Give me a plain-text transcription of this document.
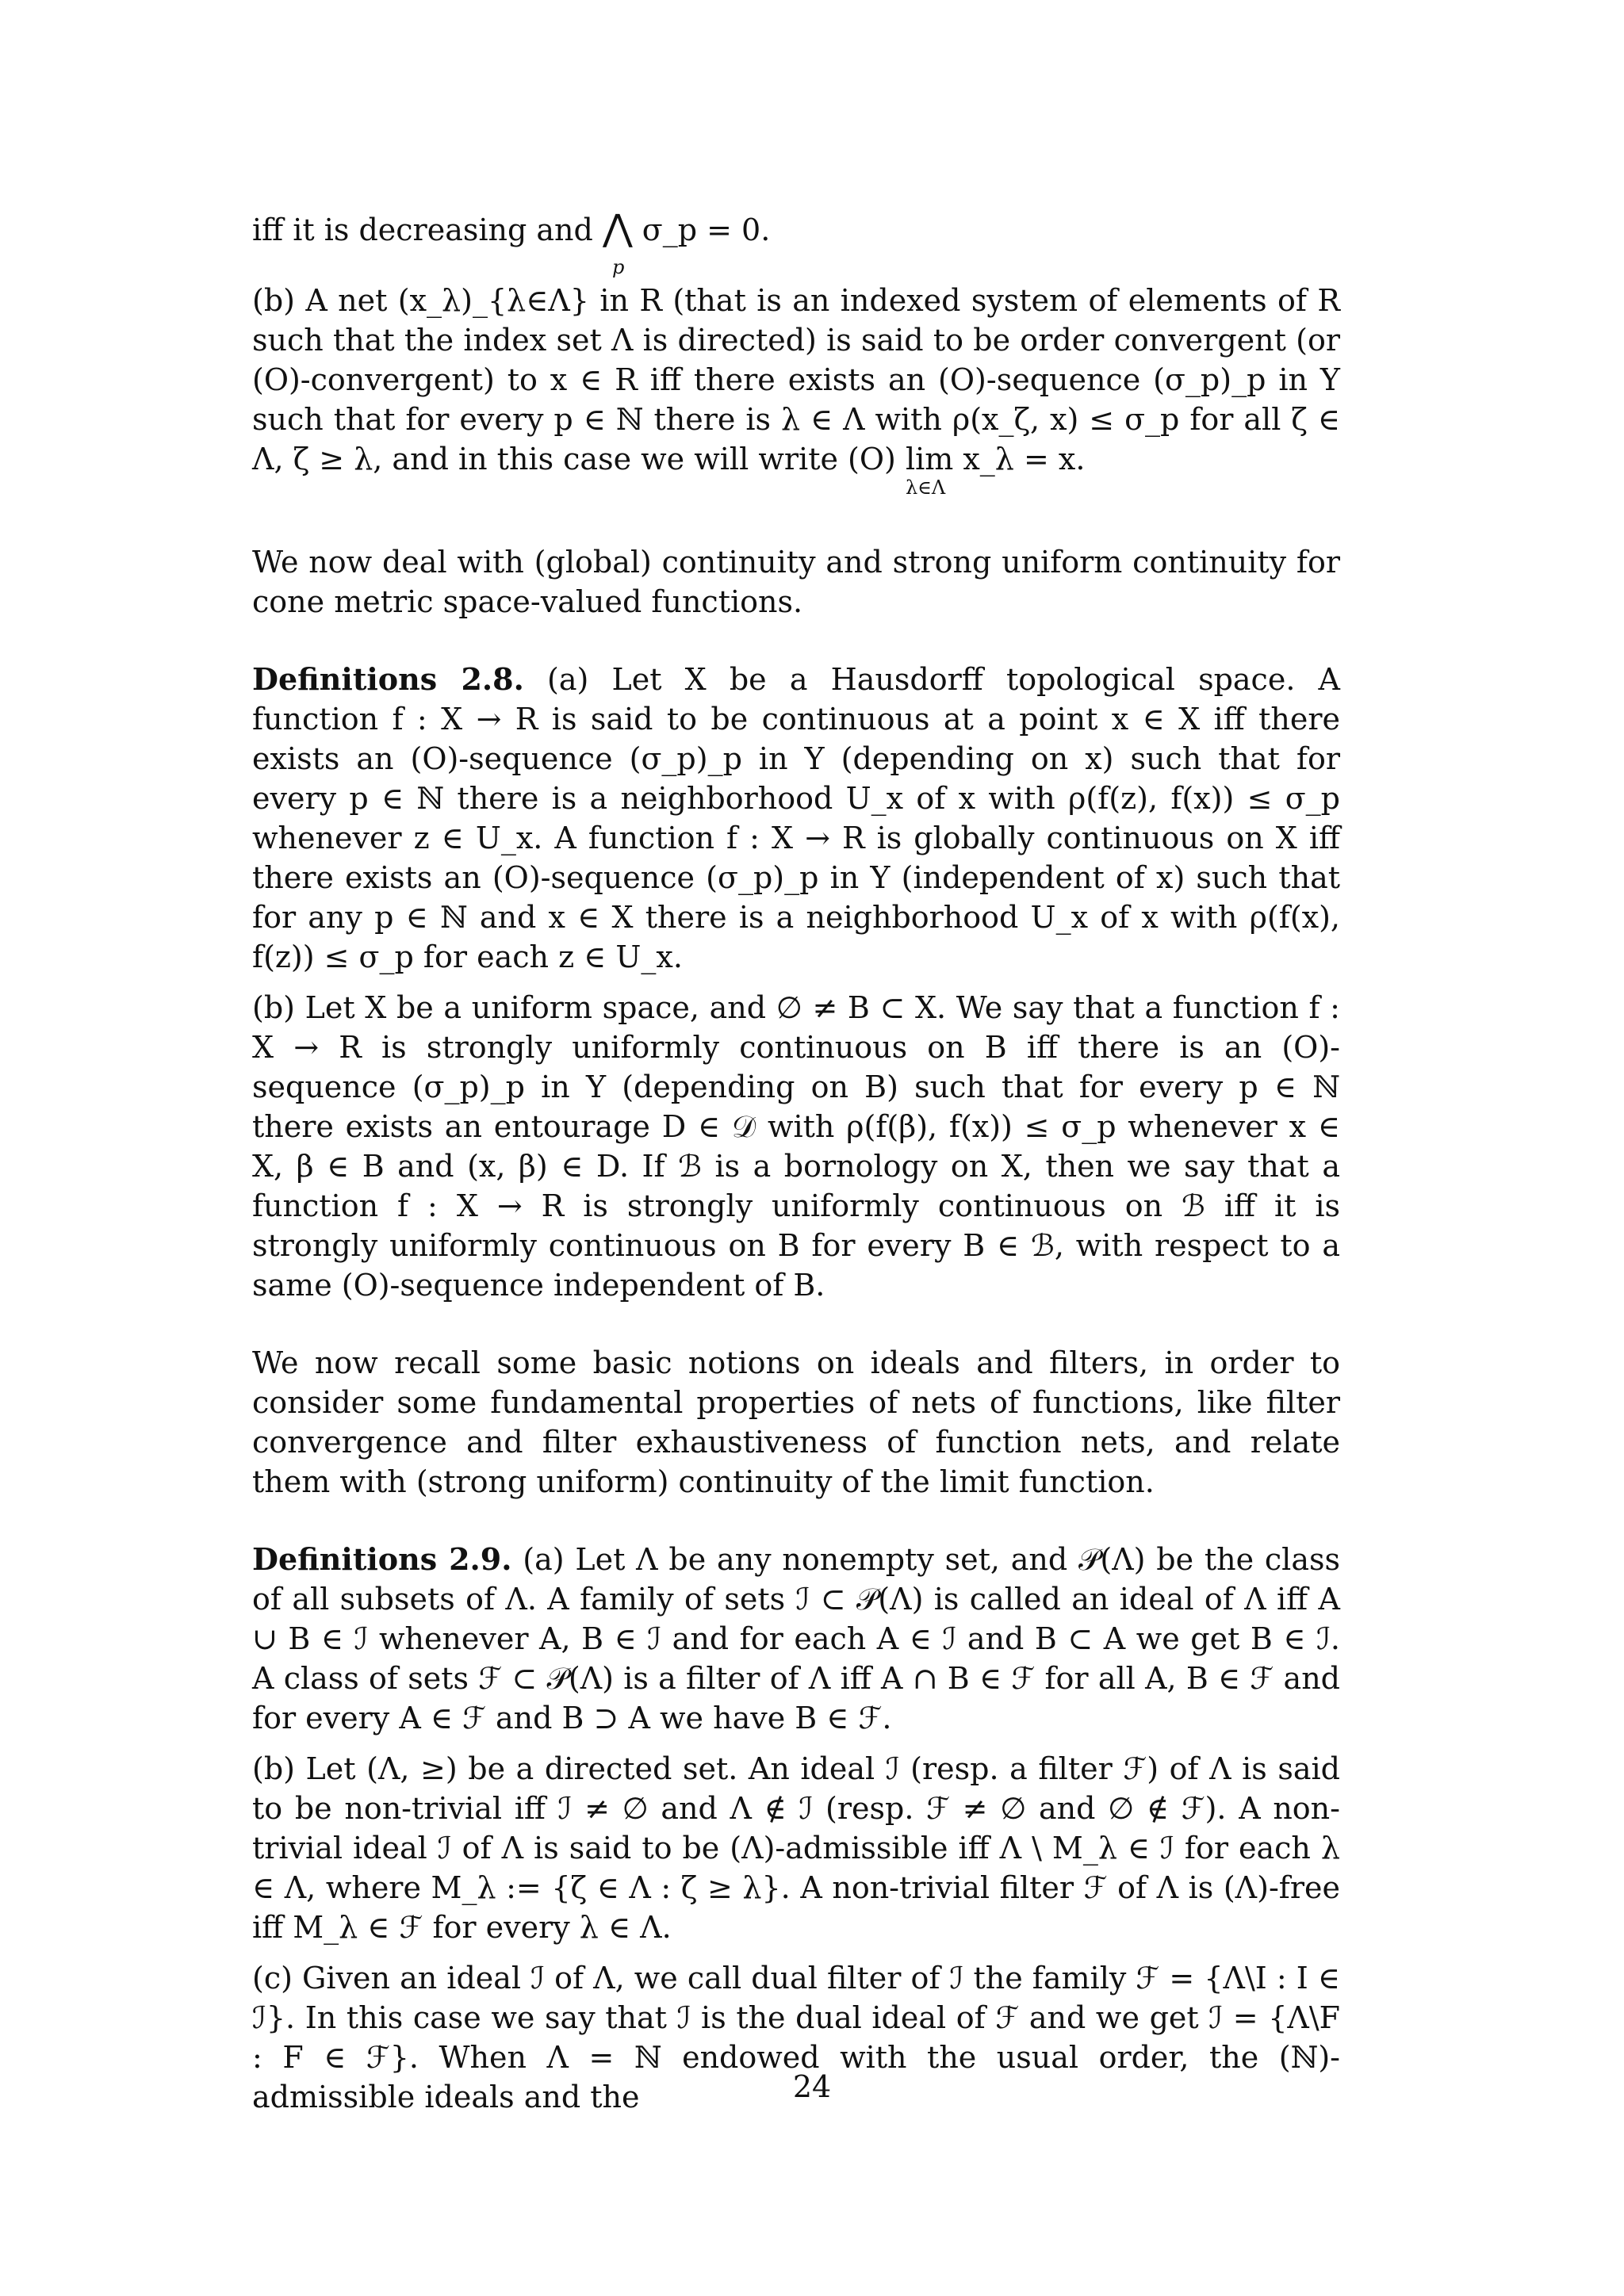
iff it is decreasing and ⋀
p
σ_p = 0.

(b) A net (x_λ)_{λ∈Λ} in R (that is an indexed system of elements of R such that the index set Λ is directed) is said to be order convergent (or (O)-convergent) to x ∈ R iff there exists an (O)-sequence (σ_p)_p in Y such that for every p ∈ ℕ there is λ ∈ Λ with ρ(x_ζ, x) ≤ σ_p for all ζ ∈ Λ, ζ ≥ λ, and in this case we will write (O) lim
λ∈Λ
x_λ = x.

We now deal with (global) continuity and strong uniform continuity for cone metric space-valued functions.

Definitions 2.8. (a) Let X be a Hausdorff topological space. A function f : X → R is said to be continuous at a point x ∈ X iff there exists an (O)-sequence (σ_p)_p in Y (depending on x) such that for every p ∈ ℕ there is a neighborhood U_x of x with ρ(f(z), f(x)) ≤ σ_p whenever z ∈ U_x. A function f : X → R is globally continuous on X iff there exists an (O)-sequence (σ_p)_p in Y (independent of x) such that for any p ∈ ℕ and x ∈ X there is a neighborhood U_x of x with ρ(f(x), f(z)) ≤ σ_p for each z ∈ U_x.

(b) Let X be a uniform space, and ∅ ≠ B ⊂ X. We say that a function f : X → R is strongly uniformly continuous on B iff there is an (O)-sequence (σ_p)_p in Y (depending on B) such that for every p ∈ ℕ there exists an entourage D ∈ 𝒟 with ρ(f(β), f(x)) ≤ σ_p whenever x ∈ X, β ∈ B and (x, β) ∈ D. If ℬ is a bornology on X, then we say that a function f : X → R is strongly uniformly continuous on ℬ iff it is strongly uniformly continuous on B for every B ∈ ℬ, with respect to a same (O)-sequence independent of B.

We now recall some basic notions on ideals and filters, in order to consider some fundamental properties of nets of functions, like filter convergence and filter exhaustiveness of function nets, and relate them with (strong uniform) continuity of the limit function.

Definitions 2.9. (a) Let Λ be any nonempty set, and 𝒫(Λ) be the class of all subsets of Λ. A family of sets ℐ ⊂ 𝒫(Λ) is called an ideal of Λ iff A ∪ B ∈ ℐ whenever A, B ∈ ℐ and for each A ∈ ℐ and B ⊂ A we get B ∈ ℐ. A class of sets ℱ ⊂ 𝒫(Λ) is a filter of Λ iff A ∩ B ∈ ℱ for all A, B ∈ ℱ and for every A ∈ ℱ and B ⊃ A we have B ∈ ℱ.

(b) Let (Λ, ≥) be a directed set. An ideal ℐ (resp. a filter ℱ) of Λ is said to be non-trivial iff ℐ ≠ ∅ and Λ ∉ ℐ (resp. ℱ ≠ ∅ and ∅ ∉ ℱ). A non-trivial ideal ℐ of Λ is said to be (Λ)-admissible iff Λ \ M_λ ∈ ℐ for each λ ∈ Λ, where M_λ := {ζ ∈ Λ : ζ ≥ λ}. A non-trivial filter ℱ of Λ is (Λ)-free iff M_λ ∈ ℱ for every λ ∈ Λ.

(c) Given an ideal ℐ of Λ, we call dual filter of ℐ the family ℱ = {Λ\I : I ∈ ℐ}. In this case we say that ℐ is the dual ideal of ℱ and we get ℐ = {Λ\F : F ∈ ℱ}. When Λ = ℕ endowed with the usual order, the (ℕ)-admissible ideals and the	24
